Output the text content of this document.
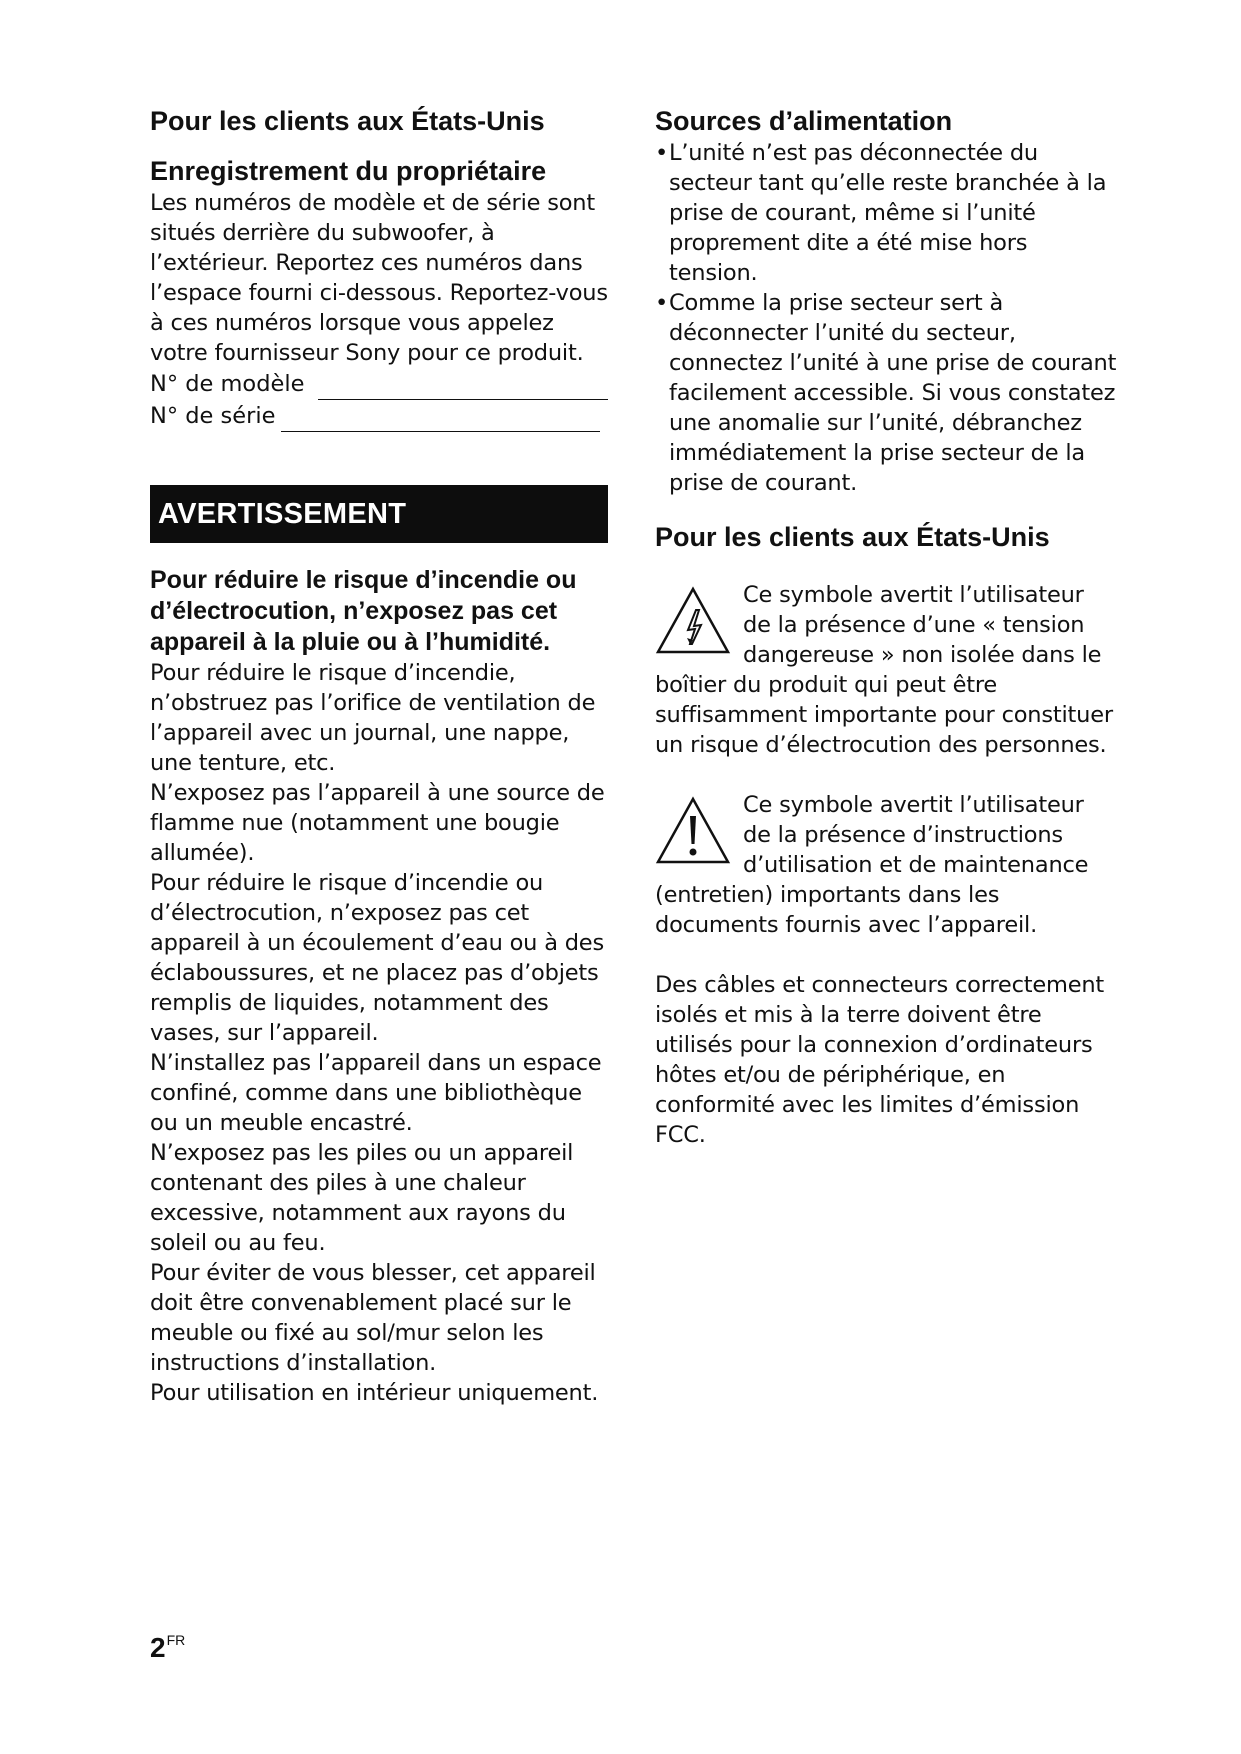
Pour les clients aux États-Unis
Enregistrement du propriétaire

Les numéros de modèle et de série sont situés derrière du subwoofer, à l’extérieur. Reportez ces numéros dans l’espace fourni ci-dessous. Reportez-vous à ces numéros lorsque vous appelez votre fournisseur Sony pour ce produit.

N° de modèle
N° de série
AVERTISSEMENT

Pour réduire le risque d’incendie ou d’électrocution, n’exposez pas cet appareil à la pluie ou à l’humidité.

Pour réduire le risque d’incendie, n’obstruez pas l’orifice de ventilation de l’appareil avec un journal, une nappe, une tenture, etc.

N’exposez pas l’appareil à une source de flamme nue (notamment une bougie allumée).

Pour réduire le risque d’incendie ou d’électrocution, n’exposez pas cet appareil à un écoulement d’eau ou à des éclaboussures, et ne placez pas d’objets remplis de liquides, notamment des vases, sur l’appareil.

N’installez pas l’appareil dans un espace confiné, comme dans une bibliothèque ou un meuble encastré.

N’exposez pas les piles ou un appareil contenant des piles à une chaleur excessive, notamment aux rayons du soleil ou au feu.

Pour éviter de vous blesser, cet appareil doit être convenablement placé sur le meuble ou fixé au sol/mur selon les instructions d’installation.

Pour utilisation en intérieur uniquement.

Sources d’alimentation
• L’unité n’est pas déconnectée du secteur tant qu’elle reste branchée à la prise de courant, même si l’unité proprement dite a été mise hors tension.
• Comme la prise secteur sert à déconnecter l’unité du secteur, connectez l’unité à une prise de courant facilement accessible. Si vous constatez une anomalie sur l’unité, débranchez immédiatement la prise secteur de la prise de courant.
Pour les clients aux États-Unis

Ce symbole avertit l’utilisateur de la présence d’une « tension dangereuse » non isolée dans le boîtier du produit qui peut être suffisamment importante pour constituer un risque d’électrocution des personnes.

Ce symbole avertit l’utilisateur de la présence d’instructions d’utilisation et de maintenance (entretien) importants dans les documents fournis avec l’appareil.

Des câbles et connecteurs correctement isolés et mis à la terre doivent être utilisés pour la connexion d’ordinateurs hôtes et/ou de périphérique, en conformité avec les limites d’émission FCC.

$2^{FR}$
